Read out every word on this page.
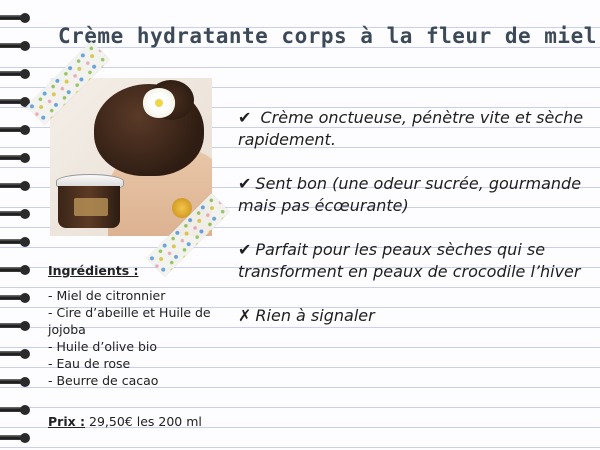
Crème hydratante corps à la fleur de miel
Ingrédients :
- Miel de citronnier
- Cire d’abeille et Huile de jojoba
- Huile d’olive bio
- Eau de rose
- Beurre de cacao
Prix : 29,50€ les 200 ml
✔ Crème onctueuse, pénètre vite et sèche rapidement.
✔ Sent bon (une odeur sucrée, gourmande mais pas écœurante)
✔ Parfait pour les peaux sèches qui se transforment en peaux de crocodile l’hiver
✗ Rien à signaler
